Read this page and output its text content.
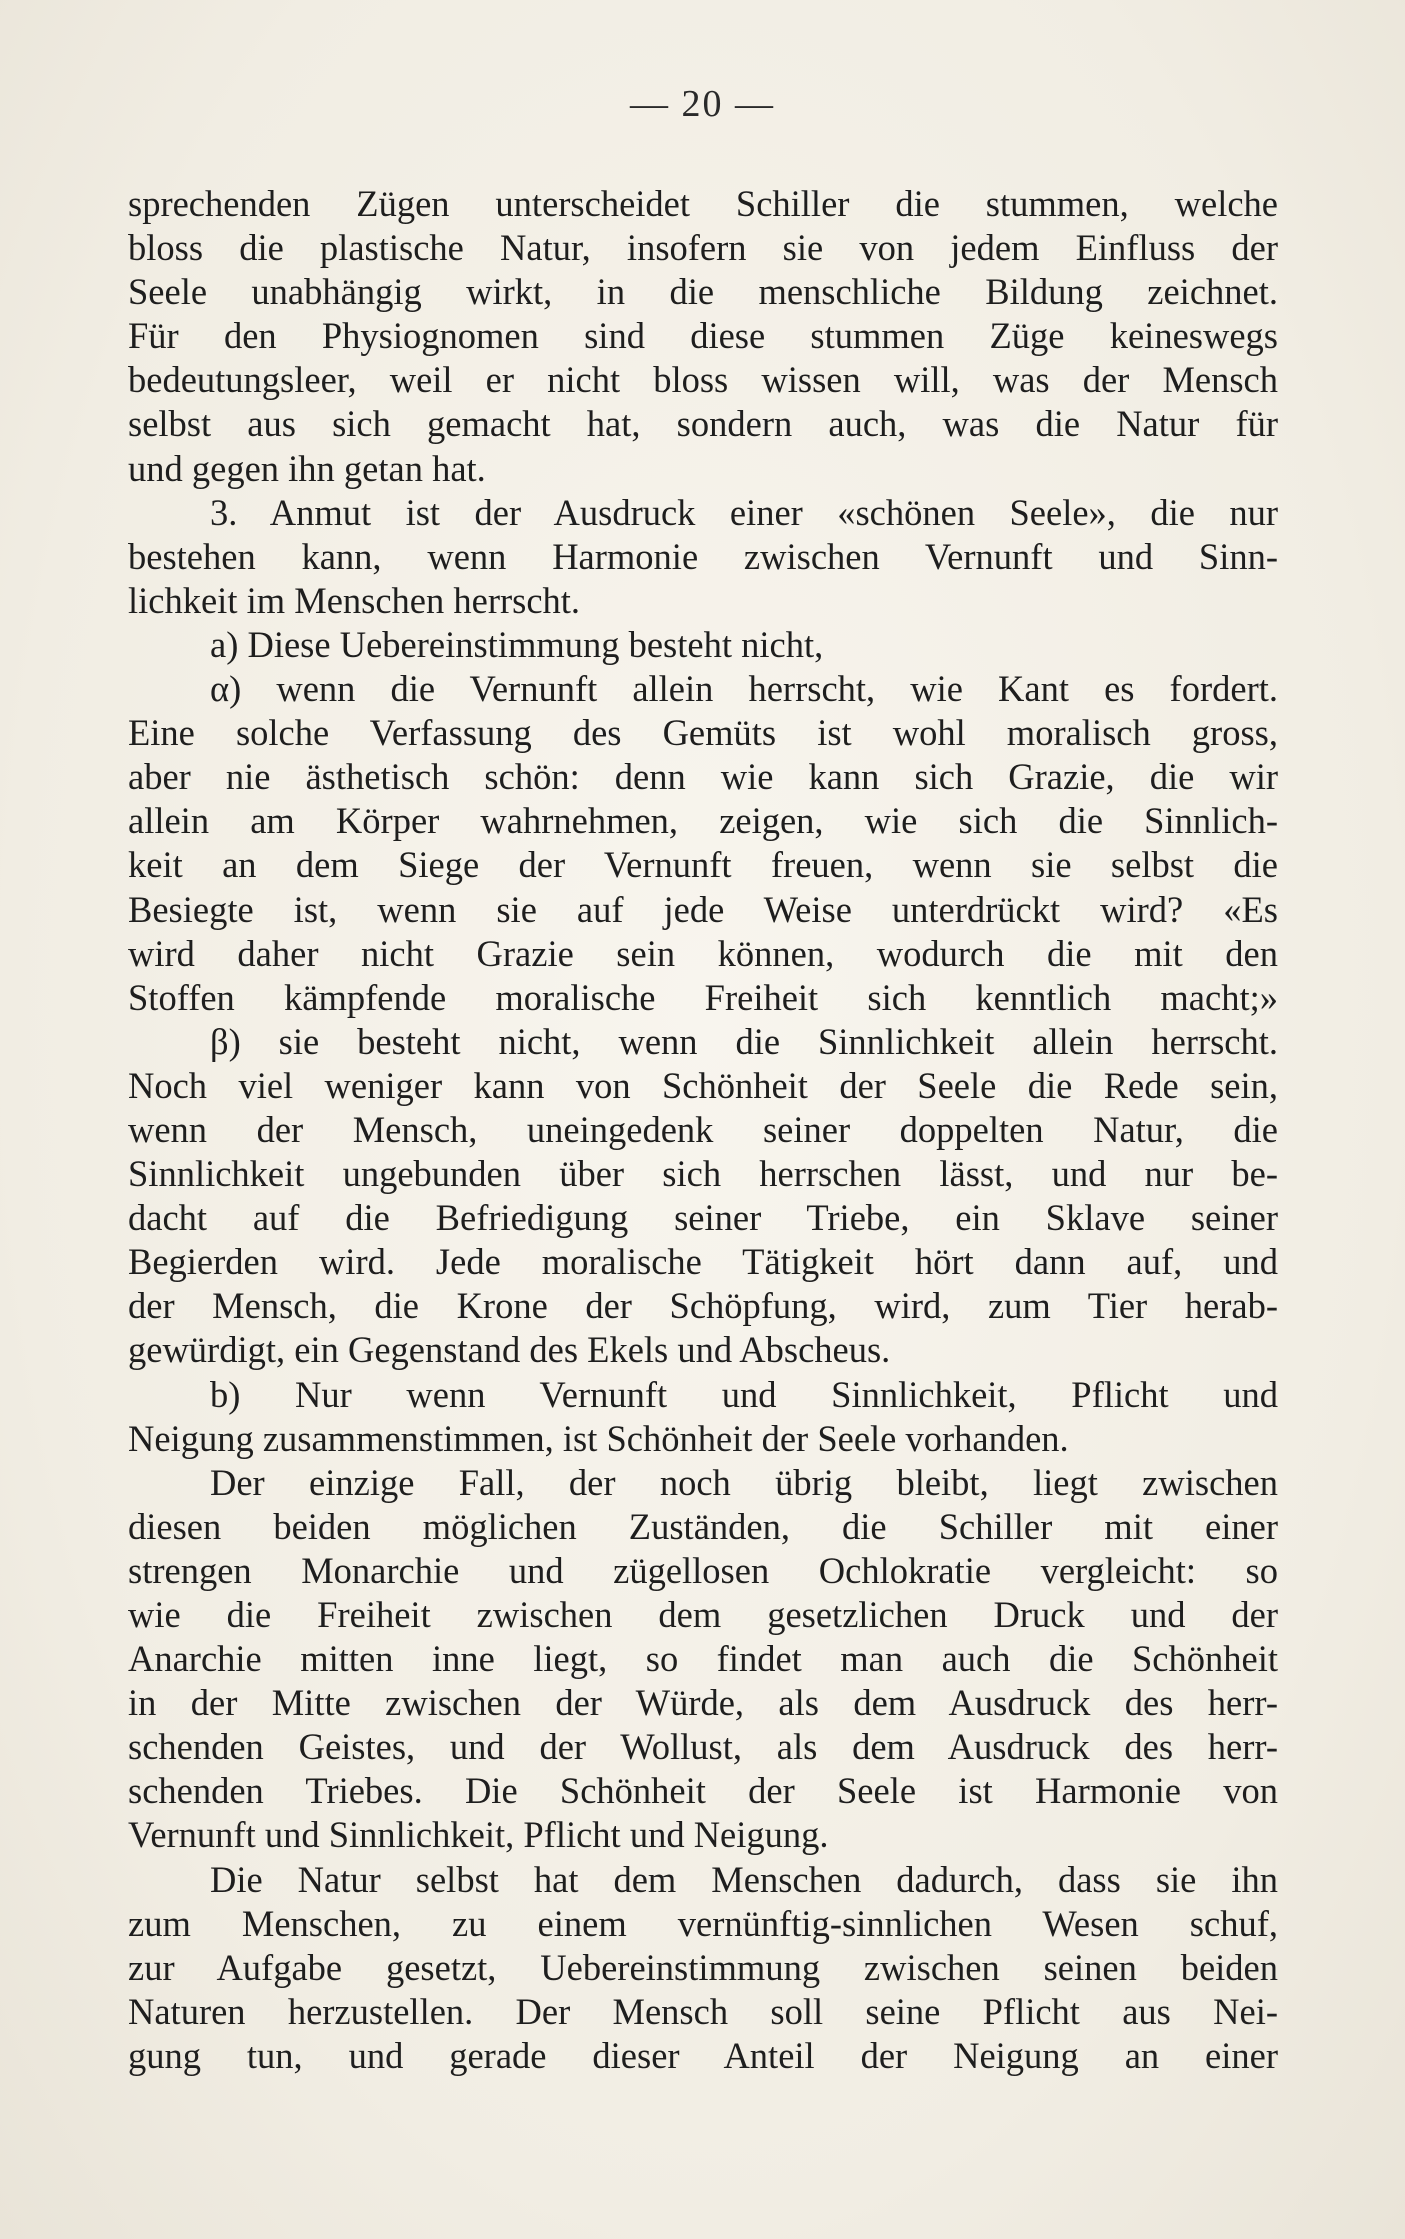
— 20 —
sprechenden Zügen unterscheidet Schiller die stummen, welche
bloss die plastische Natur, insofern sie von jedem Einfluss der
Seele unabhängig wirkt, in die menschliche Bildung zeichnet.
Für den Physiognomen sind diese stummen Züge keineswegs
bedeutungsleer, weil er nicht bloss wissen will, was der Mensch
selbst aus sich gemacht hat, sondern auch, was die Natur für
und gegen ihn getan hat.
3. Anmut ist der Ausdruck einer «schönen Seele», die nur
bestehen kann, wenn Harmonie zwischen Vernunft und Sinn-
lichkeit im Menschen herrscht.
a) Diese Uebereinstimmung besteht nicht,
α) wenn die Vernunft allein herrscht, wie Kant es fordert.
Eine solche Verfassung des Gemüts ist wohl moralisch gross,
aber nie ästhetisch schön: denn wie kann sich Grazie, die wir
allein am Körper wahrnehmen, zeigen, wie sich die Sinnlich-
keit an dem Siege der Vernunft freuen, wenn sie selbst die
Besiegte ist, wenn sie auf jede Weise unterdrückt wird? «Es
wird daher nicht Grazie sein können, wodurch die mit den
Stoffen kämpfende moralische Freiheit sich kenntlich macht;»
β) sie besteht nicht, wenn die Sinnlichkeit allein herrscht.
Noch viel weniger kann von Schönheit der Seele die Rede sein,
wenn der Mensch, uneingedenk seiner doppelten Natur, die
Sinnlichkeit ungebunden über sich herrschen lässt, und nur be-
dacht auf die Befriedigung seiner Triebe, ein Sklave seiner
Begierden wird. Jede moralische Tätigkeit hört dann auf, und
der Mensch, die Krone der Schöpfung, wird, zum Tier herab-
gewürdigt, ein Gegenstand des Ekels und Abscheus.
b) Nur wenn Vernunft und Sinnlichkeit, Pflicht und
Neigung zusammenstimmen, ist Schönheit der Seele vorhanden.
Der einzige Fall, der noch übrig bleibt, liegt zwischen
diesen beiden möglichen Zuständen, die Schiller mit einer
strengen Monarchie und zügellosen Ochlokratie vergleicht: so
wie die Freiheit zwischen dem gesetzlichen Druck und der
Anarchie mitten inne liegt, so findet man auch die Schönheit
in der Mitte zwischen der Würde, als dem Ausdruck des herr-
schenden Geistes, und der Wollust, als dem Ausdruck des herr-
schenden Triebes. Die Schönheit der Seele ist Harmonie von
Vernunft und Sinnlichkeit, Pflicht und Neigung.
Die Natur selbst hat dem Menschen dadurch, dass sie ihn
zum Menschen, zu einem vernünftig-sinnlichen Wesen schuf,
zur Aufgabe gesetzt, Uebereinstimmung zwischen seinen beiden
Naturen herzustellen. Der Mensch soll seine Pflicht aus Nei-
gung tun, und gerade dieser Anteil der Neigung an einer
